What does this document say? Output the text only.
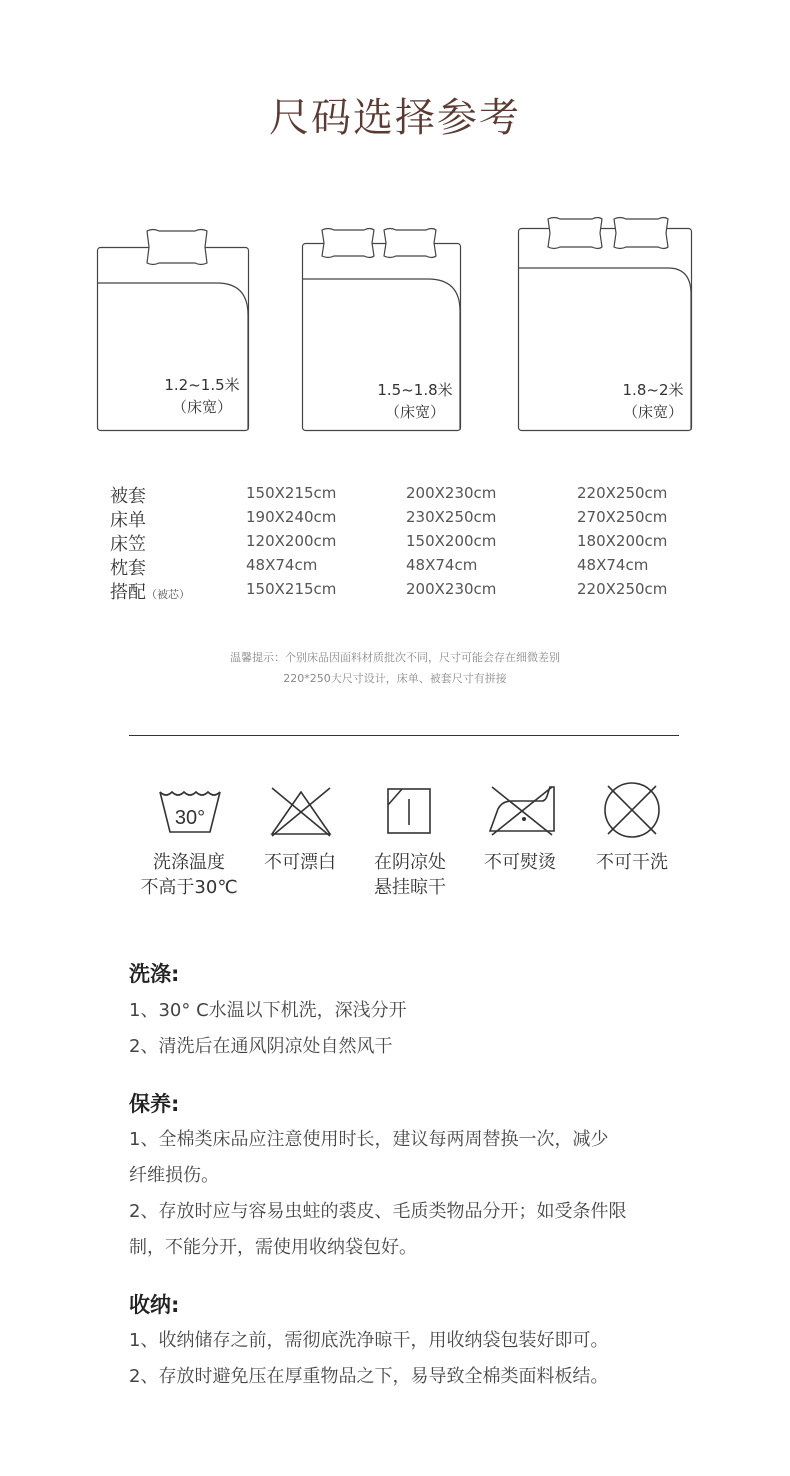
尺码选择参考
1.2~1.5米
（床宽）
1.5~1.8米
（床宽）
1.8~2米
（床宽）
被套	150X215cm	200X230cm	220X250cm
床单	190X240cm	230X250cm	270X250cm
床笠	120X200cm	150X200cm	180X200cm
枕套	48X74cm	48X74cm	48X74cm
搭配（被芯）	150X215cm	200X230cm	220X250cm
温馨提示：个别床品因面料材质批次不同，尺寸可能会存在细微差别
220*250大尺寸设计，床单、被套尺寸有拼接
30°
洗涤温度
不高于30℃
不可漂白	在阴凉处
悬挂晾干
不可熨烫	不可干洗
洗涤:
1、30° C水温以下机洗，深浅分开
2、清洗后在通风阴凉处自然风干
保养:
1、全棉类床品应注意使用时长，建议每两周替换一次，减少
纤维损伤。
2、存放时应与容易虫蛀的裘皮、毛质类物品分开；如受条件限
制，不能分开，需使用收纳袋包好。
收纳:
1、收纳储存之前，需彻底洗净晾干，用收纳袋包装好即可。
2、存放时避免压在厚重物品之下，易导致全棉类面料板结。
